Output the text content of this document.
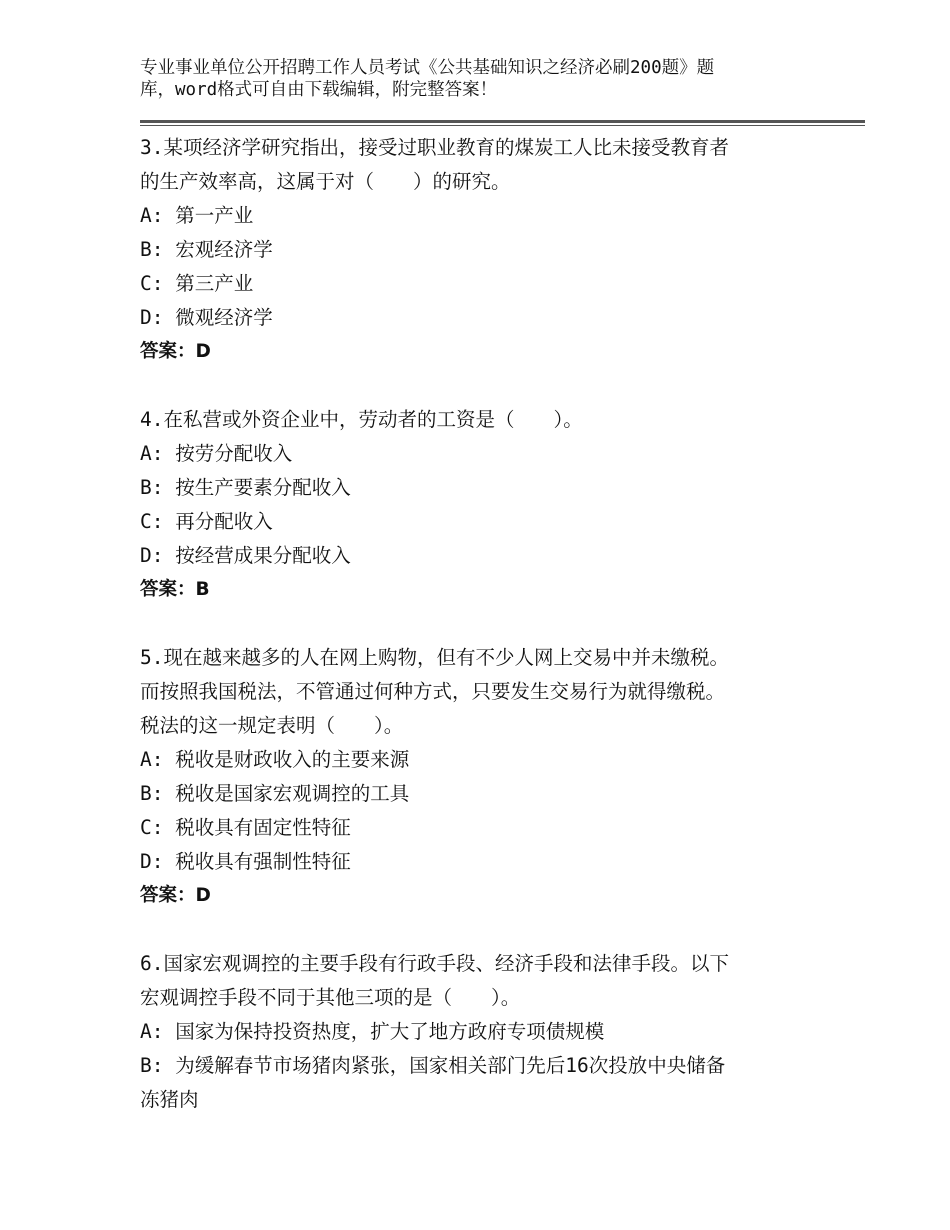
专业事业单位公开招聘工作人员考试《公共基础知识之经济必刷200题》题
库，word格式可自由下载编辑，附完整答案！
3.某项经济学研究指出，接受过职业教育的煤炭工人比未接受教育者
的生产效率高，这属于对（　　）的研究。
A: 第一产业
B: 宏观经济学
C: 第三产业
D: 微观经济学
答案：D
4.在私营或外资企业中，劳动者的工资是（　　）。
A: 按劳分配收入
B: 按生产要素分配收入
C: 再分配收入
D: 按经营成果分配收入
答案：B
5.现在越来越多的人在网上购物，但有不少人网上交易中并未缴税。
而按照我国税法，不管通过何种方式，只要发生交易行为就得缴税。
税法的这一规定表明（　　）。
A: 税收是财政收入的主要来源
B: 税收是国家宏观调控的工具
C: 税收具有固定性特征
D: 税收具有强制性特征
答案：D
6.国家宏观调控的主要手段有行政手段、经济手段和法律手段。以下
宏观调控手段不同于其他三项的是（　　）。
A: 国家为保持投资热度，扩大了地方政府专项债规模
B: 为缓解春节市场猪肉紧张，国家相关部门先后16次投放中央储备
冻猪肉
